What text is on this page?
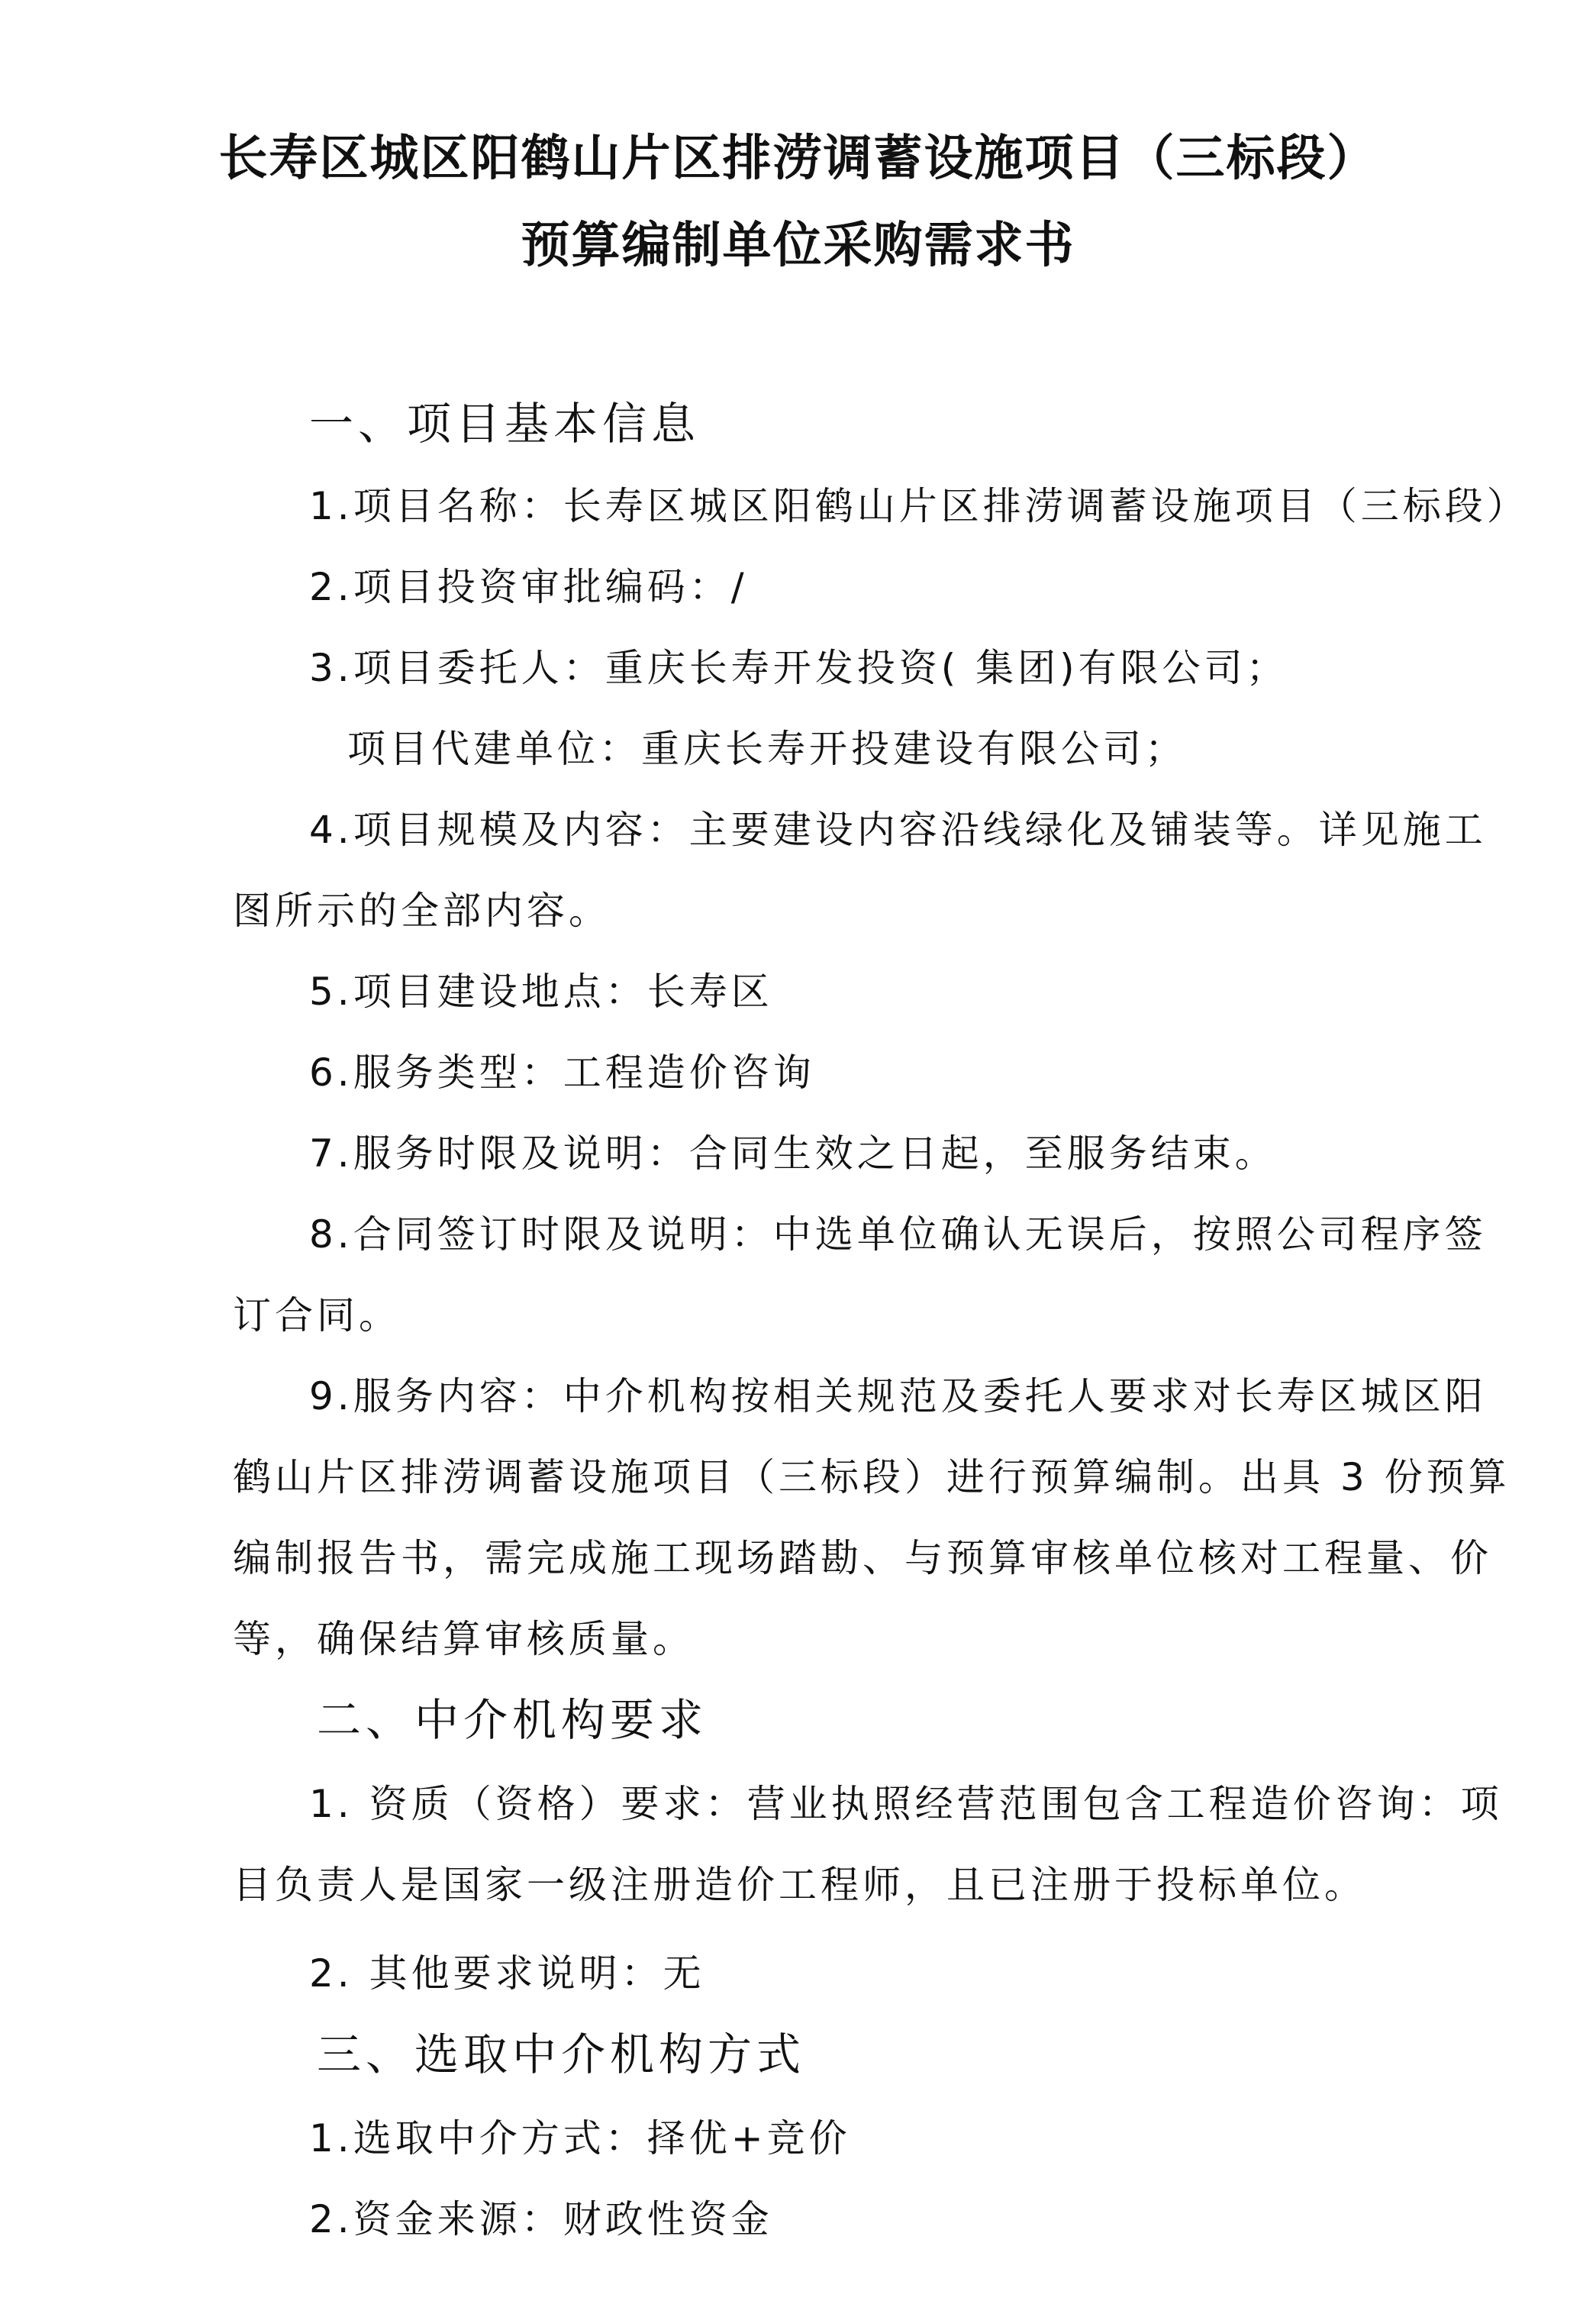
长寿区城区阳鹤山片区排涝调蓄设施项目（三标段）
预算编制单位采购需求书
一、项目基本信息
1.项目名称：长寿区城区阳鹤山片区排涝调蓄设施项目（三标段）
2.项目投资审批编码：/
3.项目委托人：重庆长寿开发投资( 集团)有限公司；
项目代建单位：重庆长寿开投建设有限公司；
4.项目规模及内容：主要建设内容沿线绿化及铺装等。详见施工
图所示的全部内容。
5.项目建设地点：长寿区
6.服务类型：工程造价咨询
7.服务时限及说明：合同生效之日起，至服务结束。
8.合同签订时限及说明：中选单位确认无误后，按照公司程序签
订合同。
9.服务内容：中介机构按相关规范及委托人要求对长寿区城区阳
鹤山片区排涝调蓄设施项目（三标段）进行预算编制。出具 3 份预算
编制报告书，需完成施工现场踏勘、与预算审核单位核对工程量、价
等，确保结算审核质量。
二、中介机构要求
1. 资质（资格）要求：营业执照经营范围包含工程造价咨询：项
目负责人是国家一级注册造价工程师，且已注册于投标单位。
2. 其他要求说明：无
三、选取中介机构方式
1.选取中介方式：择优+竞价
2.资金来源：财政性资金
